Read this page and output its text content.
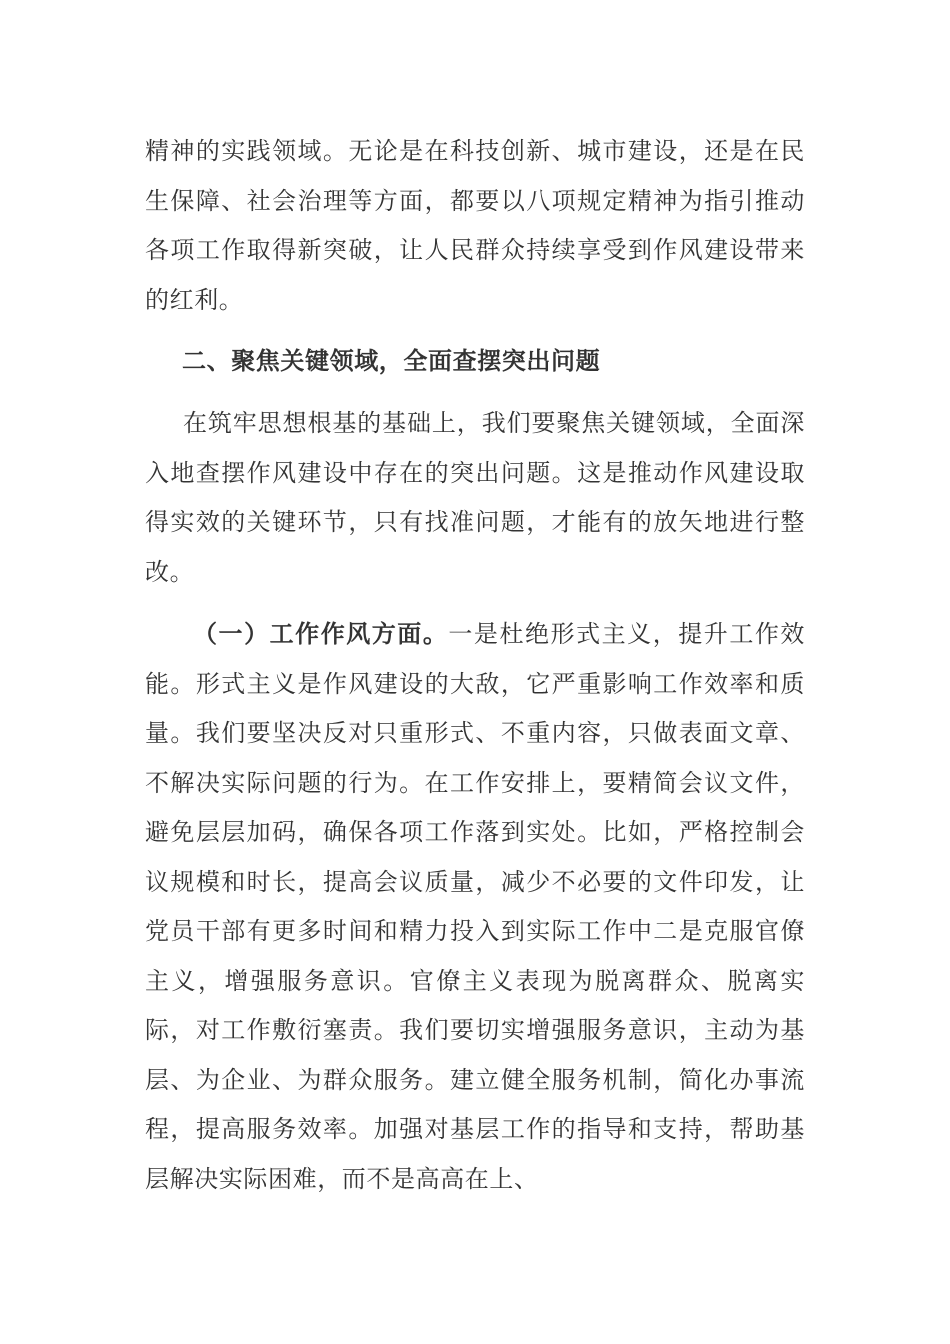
精神的实践领域。无论是在科技创新、城市建设，还是在民生保障、社会治理等方面，都要以八项规定精神为指引推动各项工作取得新突破，让人民群众持续享受到作风建设带来的红利。

二、聚焦关键领域，全面查摆突出问题

在筑牢思想根基的基础上，我们要聚焦关键领域，全面深入地查摆作风建设中存在的突出问题。这是推动作风建设取得实效的关键环节，只有找准问题，才能有的放矢地进行整改。

（一）工作作风方面。一是杜绝形式主义，提升工作效能。形式主义是作风建设的大敌，它严重影响工作效率和质量。我们要坚决反对只重形式、不重内容，只做表面文章、不解决实际问题的行为。在工作安排上，要精简会议文件，避免层层加码，确保各项工作落到实处。比如，严格控制会议规模和时长，提高会议质量，减少不必要的文件印发，让党员干部有更多时间和精力投入到实际工作中二是克服官僚主义，增强服务意识。官僚主义表现为脱离群众、脱离实际，对工作敷衍塞责。我们要切实增强服务意识，主动为基层、为企业、为群众服务。建立健全服务机制，简化办事流程，提高服务效率。加强对基层工作的指导和支持，帮助基层解决实际困难，而不是高高在上、
